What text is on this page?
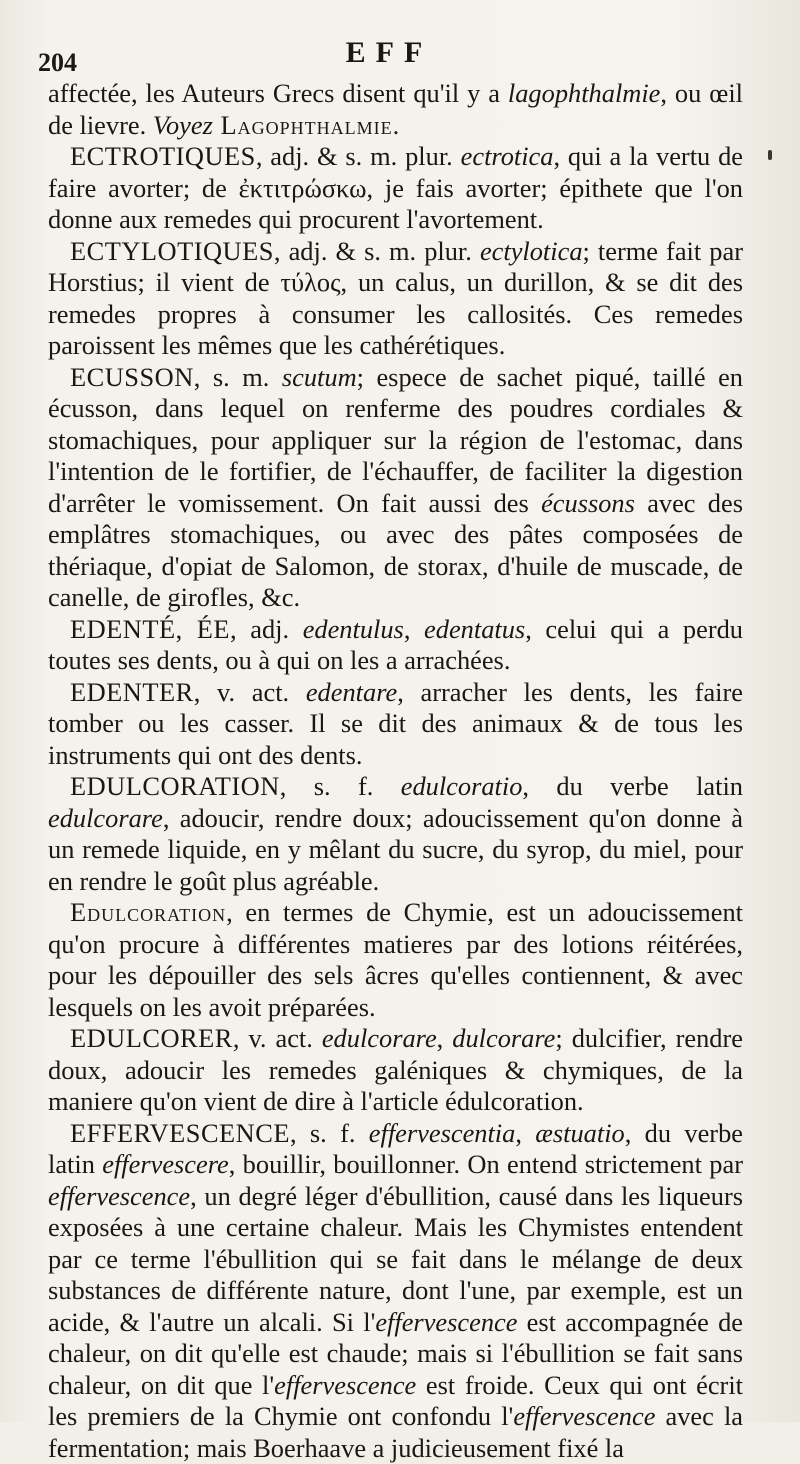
204	EFF

affectée, les Auteurs Grecs disent qu'il y a lagophthalmie, ou œil de lievre. Voyez Lagophthalmie.

ECTROTIQUES, adj. & s. m. plur. ectrotica, qui a la vertu de faire avorter; de ἐκτιτρώσκω, je fais avorter; épithete que l'on donne aux remedes qui procurent l'avortement.

ECTYLOTIQUES, adj. & s. m. plur. ectylotica; terme fait par Horstius; il vient de τύλος, un calus, un durillon, & se dit des remedes propres à consumer les callosités. Ces remedes paroissent les mêmes que les cathérétiques.

ECUSSON, s. m. scutum; espece de sachet piqué, taillé en écusson, dans lequel on renferme des poudres cordiales & stomachiques, pour appliquer sur la région de l'estomac, dans l'intention de le fortifier, de l'échauffer, de faciliter la digestion d'arrêter le vomissement. On fait aussi des écussons avec des emplâtres stomachiques, ou avec des pâtes composées de thériaque, d'opiat de Salomon, de storax, d'huile de muscade, de canelle, de girofles, &c.

EDENTÉ, ÉE, adj. edentulus, edentatus, celui qui a perdu toutes ses dents, ou à qui on les a arrachées.

EDENTER, v. act. edentare, arracher les dents, les faire tomber ou les casser. Il se dit des animaux & de tous les instruments qui ont des dents.

EDULCORATION, s. f. edulcoratio, du verbe latin edulcorare, adoucir, rendre doux; adoucissement qu'on donne à un remede liquide, en y mêlant du sucre, du syrop, du miel, pour en rendre le goût plus agréable.

Edulcoration, en termes de Chymie, est un adoucissement qu'on procure à différentes matieres par des lotions réitérées, pour les dépouiller des sels âcres qu'elles contiennent, & avec lesquels on les avoit préparées.

EDULCORER, v. act. edulcorare, dulcorare; dulcifier, rendre doux, adoucir les remedes galéniques & chymiques, de la maniere qu'on vient de dire à l'article édulcoration.

EFFERVESCENCE, s. f. effervescentia, æstuatio, du verbe latin effervescere, bouillir, bouillonner. On entend strictement par effervescence, un degré léger d'ébullition, causé dans les liqueurs exposées à une certaine chaleur. Mais les Chymistes entendent par ce terme l'ébullition qui se fait dans le mélange de deux substances de différente nature, dont l'une, par exemple, est un acide, & l'autre un alcali. Si l'effervescence est accompagnée de chaleur, on dit qu'elle est chaude; mais si l'ébullition se fait sans chaleur, on dit que l'effervescence est froide. Ceux qui ont écrit les premiers de la Chymie ont confondu l'effervescence avec la fermentation; mais Boerhaave a judicieusement fixé la
